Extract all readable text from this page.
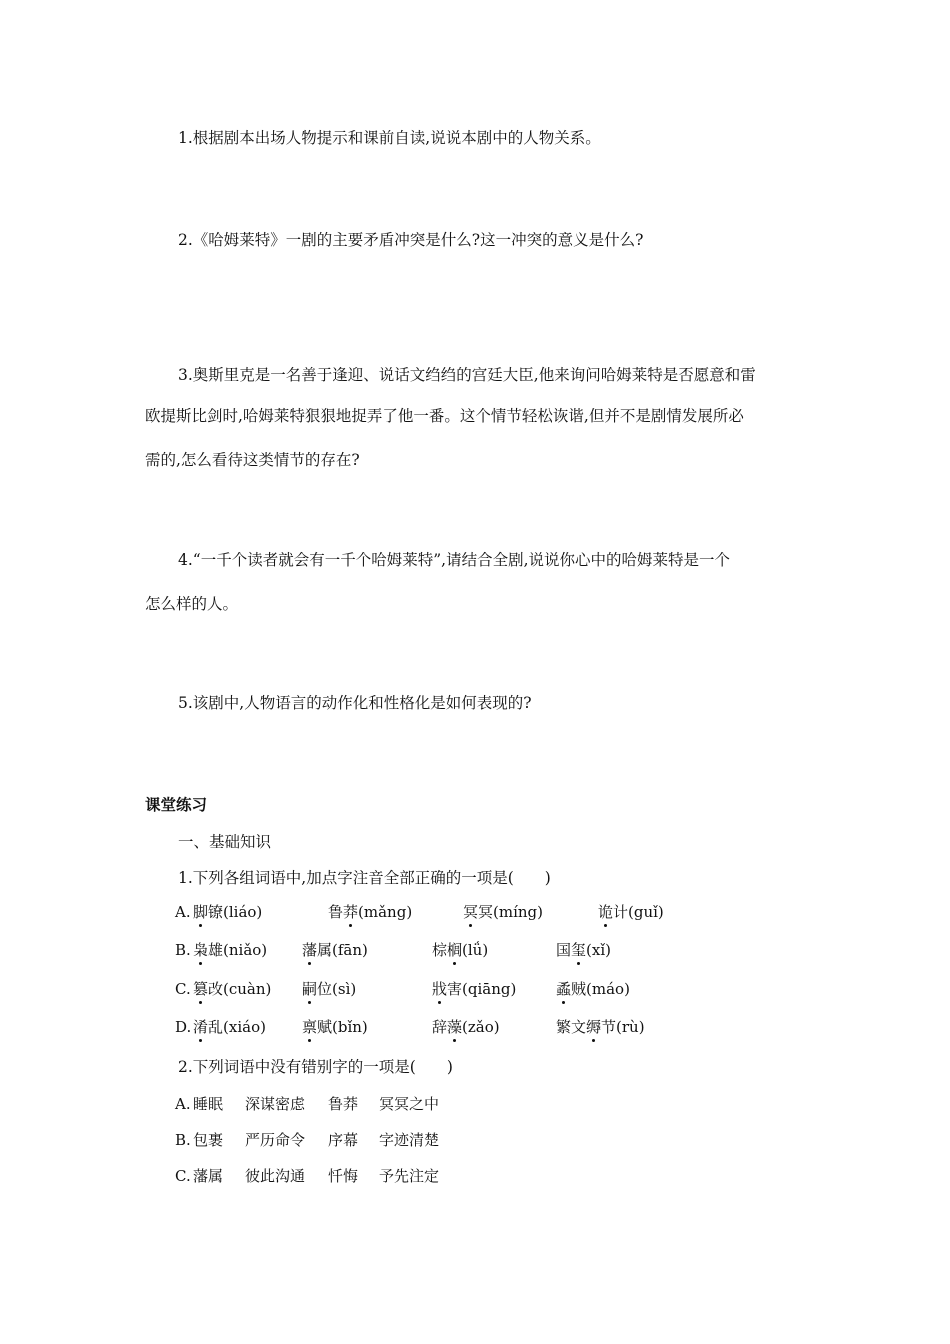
1.根据剧本出场人物提示和课前自读,说说本剧中的人物关系。
2.《哈姆莱特》一剧的主要矛盾冲突是什么?这一冲突的意义是什么?
3.奥斯里克是一名善于逢迎、说话文绉绉的宫廷大臣,他来询问哈姆莱特是否愿意和雷
欧提斯比剑时,哈姆莱特狠狠地捉弄了他一番。这个情节轻松诙谐,但并不是剧情发展所必
需的,怎么看待这类情节的存在?
4.“一千个读者就会有一千个哈姆莱特”,请结合全剧,说说你心中的哈姆莱特是一个
怎么样的人。
5.该剧中,人物语言的动作化和性格化是如何表现的?
课堂练习
一、基础知识
1.下列各组词语中,加点字注音全部正确的一项是(　　)
A. 脚镣(liáo)	鲁莽(mǎng)	冥冥(míng)	诡计(guǐ)
B. 枭雄(niǎo) 藩属(fān)	棕榈(lǘ)	国玺(xǐ)
C. 篡改(cuàn) 嗣位(sì)	戕害(qiāng)	蟊贼(máo)
D. 淆乱(xiáo) 禀赋(bǐn)	辞藻(zǎo)	繁文缛节(rù)
2.下列词语中没有错别字的一项是(　　)
A. 睡眠 深谋密虑 鲁莽 冥冥之中
B. 包裹 严历命令 序幕 字迹清楚
C. 藩属 彼此沟通 忏悔 予先注定
